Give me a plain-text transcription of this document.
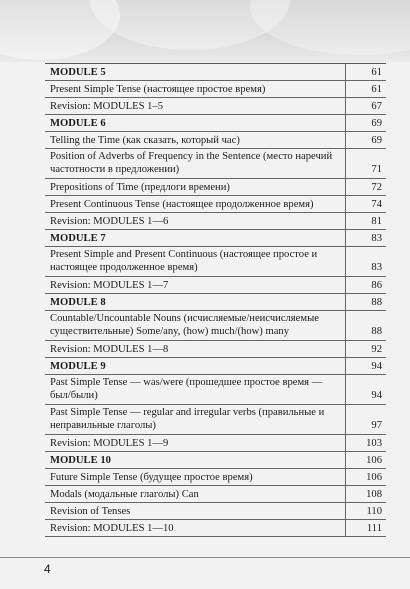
MODULE 5	61
Present Simple Tense (настоящее простое время)	61
Revision: MODULES 1–5	67
MODULE 6	69
Telling the Time (как сказать, который час)	69
Position of Adverbs of Frequency in the Sentence (место наречий частотности в предложении)	71
Prepositions of Time (предлоги времени)	72
Present Continuous Tense (настоящее продолженное время)	74
Revision: MODULES 1—6	81
MODULE 7	83
Present Simple and Present Continuous (настоящее простое и настоящее продолженное время)	83
Revision: MODULES 1—7	86
MODULE 8	88
Countable/Uncountable Nouns (исчисляемые/неисчисляемые существительные) Some/any, (how) much/(how) many	88
Revision: MODULES 1—8	92
MODULE 9	94
Past Simple Tense — was/were (прошедшее простое время — был/были)	94
Past Simple Tense — regular and irregular verbs (правильные и неправильные глаголы)	97
Revision: MODULES 1—9	103
MODULE 10	106
Future Simple Tense (будущее простое время)	106
Modals (модальные глаголы) Can	108
Revision of Tenses	110
Revision: MODULES 1—10	111
4
